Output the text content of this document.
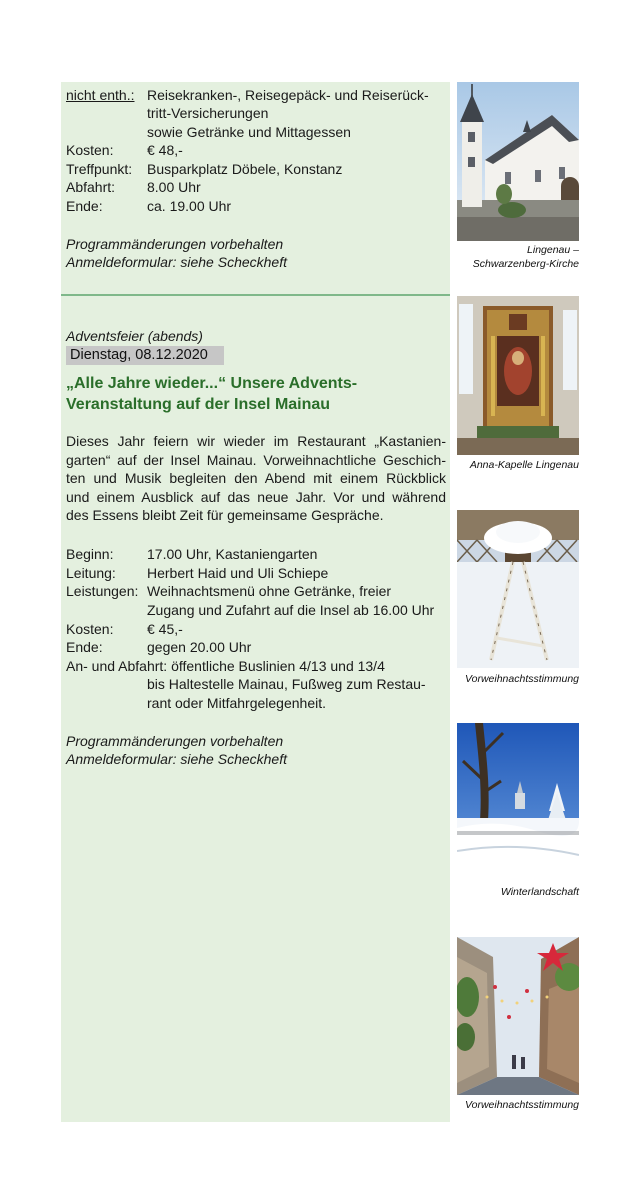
nicht enth.: Reisekranken-, Reisegepäck- und Reiserück-
tritt-Versicherungen
sowie Getränke und Mittagessen
Kosten: € 48,-
Treffpunkt: Busparkplatz Döbele, Konstanz
Abfahrt: 8.00 Uhr
Ende:	ca. 19.00 Uhr
Programmänderungen vorbehalten
Anmeldeformular: siehe Scheckheft
Adventsfeier (abends)
Dienstag, 08.12.2020
„Alle Jahre wieder...“ Unsere Advents-
Veranstaltung auf der Insel Mainau
Dieses Jahr feiern wir wieder im Restaurant „Kastanien-
garten“ auf der Insel Mainau. Vorweihnachtliche Geschich-
ten und Musik begleiten den Abend mit einem Rückblick
und einem Ausblick auf das neue Jahr. Vor und während
des Essens bleibt Zeit für gemeinsame Gespräche.
Beginn: 17.00 Uhr, Kastaniengarten
Leitung: Herbert Haid und Uli Schiepe
Leistungen: Weihnachtsmenü ohne Getränke, freier
Zugang und Zufahrt auf die Insel ab 16.00 Uhr
Kosten: € 45,-
Ende:	gegen 20.00 Uhr
An- und Abfahrt: öffentliche Buslinien 4/13 und 13/4
bis Haltestelle Mainau, Fußweg zum Restau-
rant oder Mitfahrgelegenheit.
Programmänderungen vorbehalten
Anmeldeformular: siehe Scheckheft
Lingenau –
Schwarzenberg-Kirche
Anna-Kapelle Lingenau
Vorweihnachtsstimmung
Winterlandschaft
Vorweihnachtsstimmung
